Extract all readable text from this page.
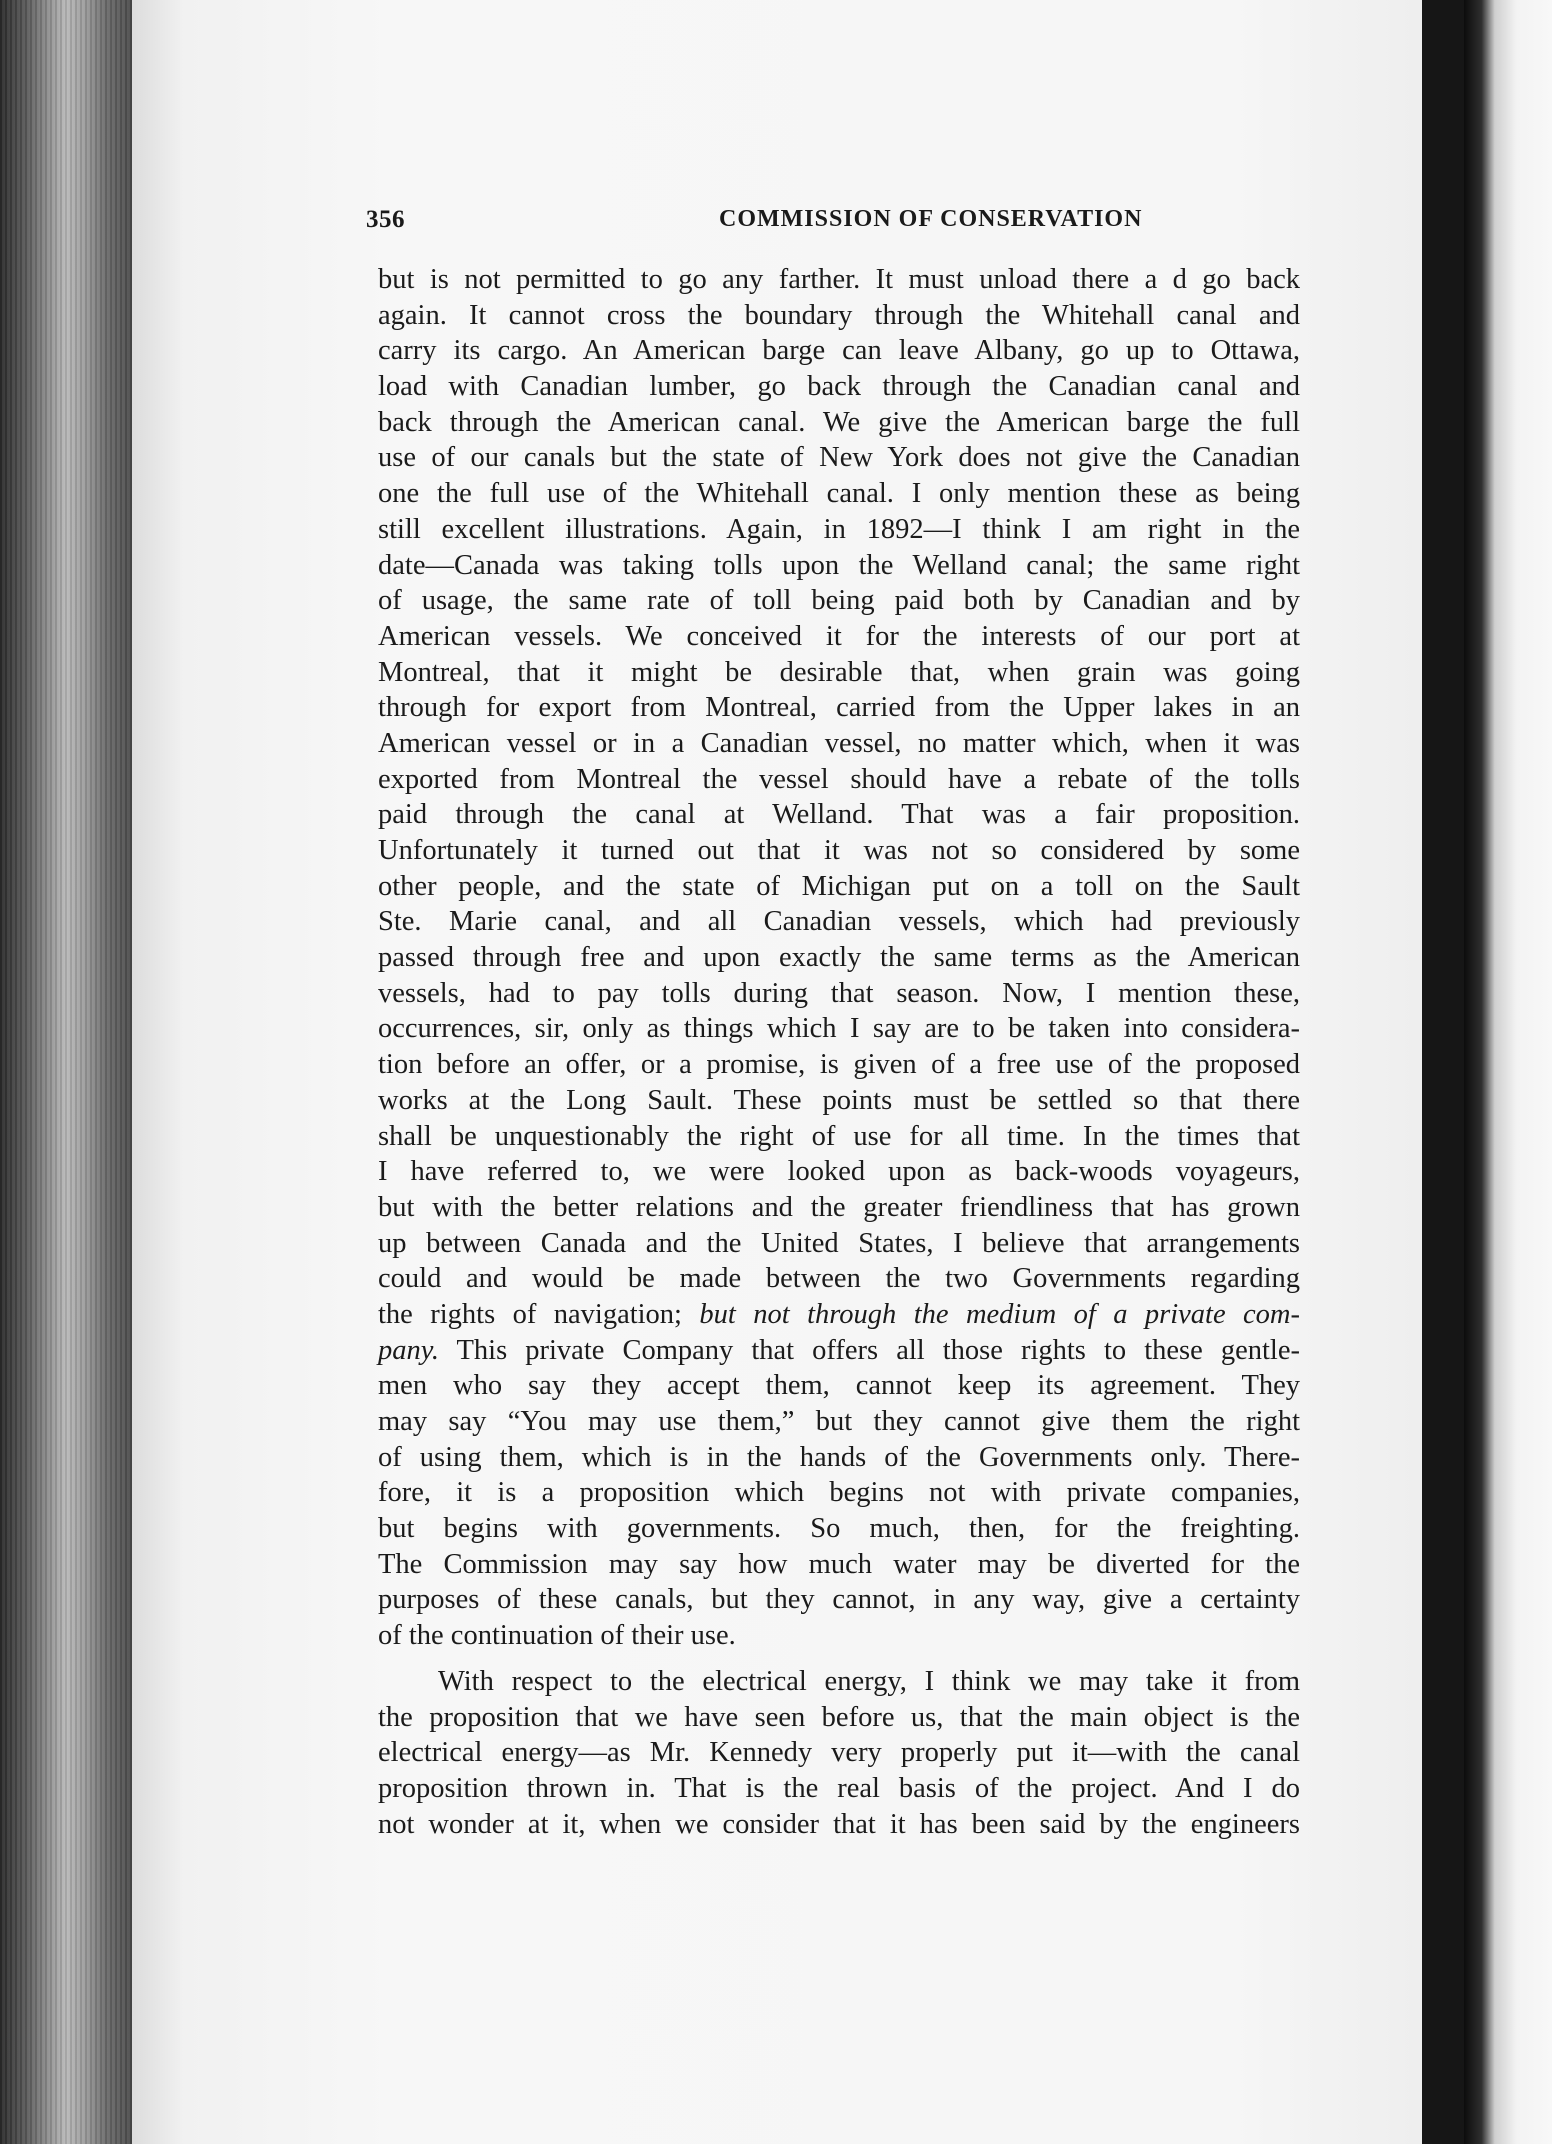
356	COMMISSION OF CONSERVATION
but is not permitted to go any farther. It must unload there a d go back
again. It cannot cross the boundary through the Whitehall canal and
carry its cargo. An American barge can leave Albany, go up to Ottawa,
load with Canadian lumber, go back through the Canadian canal and
back through the American canal. We give the American barge the full
use of our canals but the state of New York does not give the Canadian
one the full use of the Whitehall canal. I only mention these as being
still excellent illustrations. Again, in 1892—I think I am right in the
date—Canada was taking tolls upon the Welland canal; the same right
of usage, the same rate of toll being paid both by Canadian and by
American vessels. We conceived it for the interests of our port at
Montreal, that it might be desirable that, when grain was going
through for export from Montreal, carried from the Upper lakes in an
American vessel or in a Canadian vessel, no matter which, when it was
exported from Montreal the vessel should have a rebate of the tolls
paid through the canal at Welland. That was a fair proposition.
Unfortunately it turned out that it was not so considered by some
other people, and the state of Michigan put on a toll on the Sault
Ste. Marie canal, and all Canadian vessels, which had previously
passed through free and upon exactly the same terms as the American
vessels, had to pay tolls during that season. Now, I mention these,
occurrences, sir, only as things which I say are to be taken into considera-
tion before an offer, or a promise, is given of a free use of the proposed
works at the Long Sault. These points must be settled so that there
shall be unquestionably the right of use for all time. In the times that
I have referred to, we were looked upon as back-woods voyageurs,
but with the better relations and the greater friendliness that has grown
up between Canada and the United States, I believe that arrangements
could and would be made between the two Governments regarding
the rights of navigation; but not through the medium of a private com-
pany. This private Company that offers all those rights to these gentle-
men who say they accept them, cannot keep its agreement. They
may say “You may use them,” but they cannot give them the right
of using them, which is in the hands of the Governments only. There-
fore, it is a proposition which begins not with private companies,
but begins with governments. So much, then, for the freighting.
The Commission may say how much water may be diverted for the
purposes of these canals, but they cannot, in any way, give a certainty
of the continuation of their use.
With respect to the electrical energy, I think we may take it from
the proposition that we have seen before us, that the main object is the
electrical energy—as Mr. Kennedy very properly put it—with the canal
proposition thrown in. That is the real basis of the project. And I do
not wonder at it, when we consider that it has been said by the engineers
